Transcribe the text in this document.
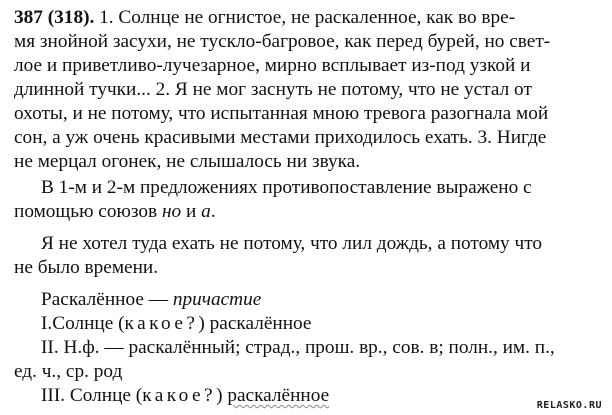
387 (318). 1. Солнце не огнистое, не раскаленное, как во вре-
мя знойной засухи, не тускло-багровое, как перед бурей, но свет-
лое и приветливо-лучезарное, мирно всплывает из-под узкой и
длинной тучки... 2. Я не мог заснуть не потому, что не устал от
охоты, и не потому, что испытанная мною тревога разогнала мой
сон, а уж очень красивыми местами приходилось ехать. 3. Нигде
не мерцал огонек, не слышалось ни звука.
В 1-м и 2-м предложениях противопоставление выражено с
помощью союзов но и а.
Я не хотел туда ехать не потому, что лил дождь, а потому что
не было времени.
Раскалённое — причастие
I.Солнце (какое?) раскалённое
II. Н.ф. — раскалённый; страд., прош. вр., сов. в; полн., им. п.,
ед. ч., ср. род
III. Солнце (какое?) раскалённое	RELASKO.RU
